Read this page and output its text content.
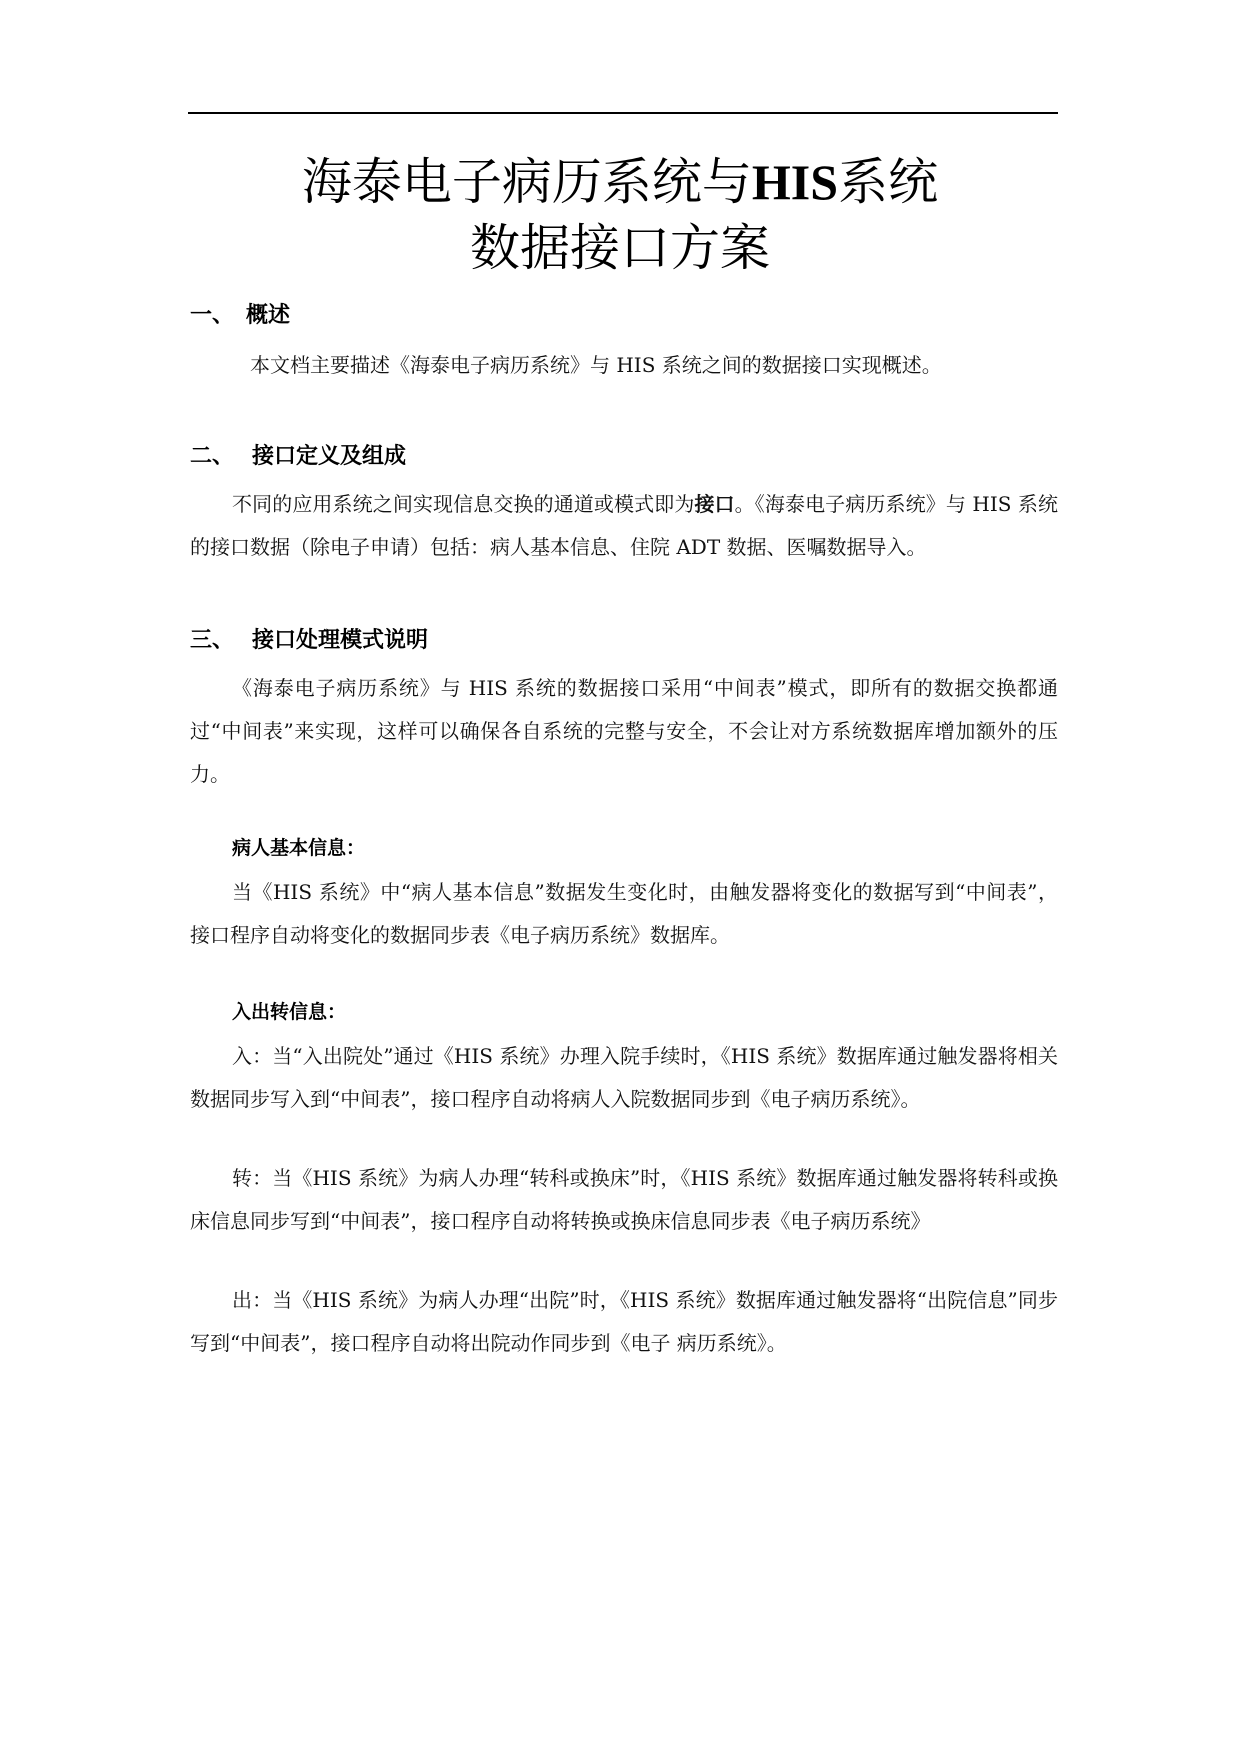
海泰电子病历系统与HIS系统
数据接口方案
一、 概述

本文档主要描述《海泰电子病历系统》与 HIS 系统之间的数据接口实现概述。

二、 接口定义及组成

不同的应用系统之间实现信息交换的通道或模式即为接口。《海泰电子病历系统》与 HIS 系统的接口数据（除电子申请）包括：病人基本信息、住院 ADT 数据、医嘱数据导入。

三、 接口处理模式说明

《海泰电子病历系统》与 HIS 系统的数据接口采用“中间表”模式，即所有的数据交换都通过“中间表”来实现，这样可以确保各自系统的完整与安全，不会让对方系统数据库增加额外的压力。

病人基本信息：

当《HIS 系统》中“病人基本信息”数据发生变化时，由触发器将变化的数据写到“中间表”，接口程序自动将变化的数据同步表《电子病历系统》数据库。

入出转信息：

入：当“入出院处”通过《HIS 系统》办理入院手续时，《HIS 系统》数据库通过触发器将相关数据同步写入到“中间表”，接口程序自动将病人入院数据同步到《电子病历系统》。

转：当《HIS 系统》为病人办理“转科或换床”时，《HIS 系统》数据库通过触发器将转科或换床信息同步写到“中间表”，接口程序自动将转换或换床信息同步表《电子病历系统》

出：当《HIS 系统》为病人办理“出院”时，《HIS 系统》数据库通过触发器将“出院信息”同步写到“中间表”，接口程序自动将出院动作同步到《电子 病历系统》。
